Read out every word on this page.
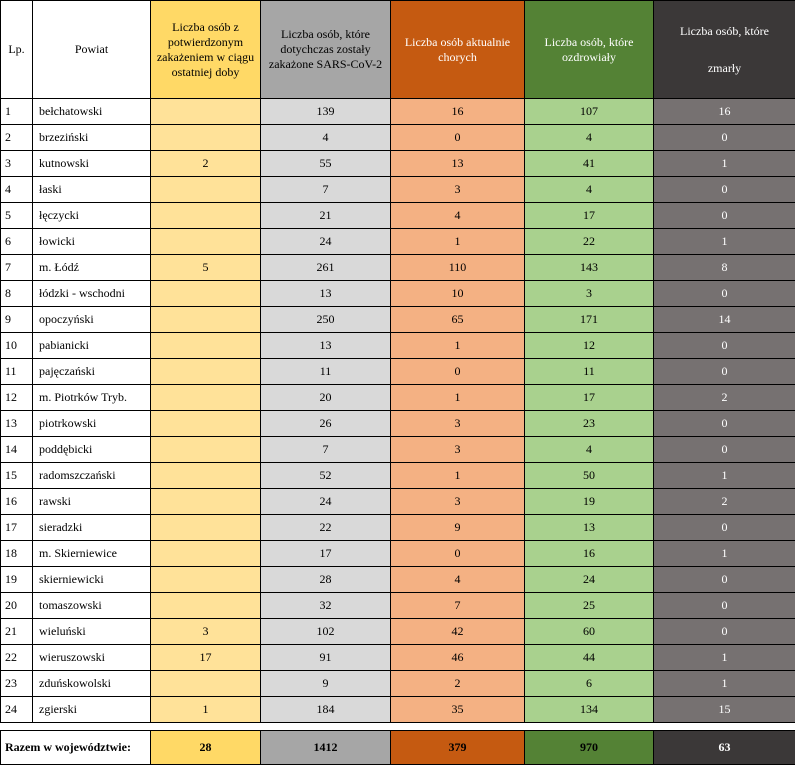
Lp.	Powiat	Liczba osób z potwierdzonym zakażeniem w ciągu ostatniej doby	Liczba osób, które dotychczas zostały zakażone SARS-CoV-2	Liczba osób aktualnie chorych	Liczba osób, które ozdrowiały	Liczba osób, które
zmarły
1	bełchatowski		139	16	107	16
2	brzeziński		4	0	4	0
3	kutnowski	2	55	13	41	1
4	łaski		7	3	4	0
5	łęczycki		21	4	17	0
6	łowicki		24	1	22	1
7	m. Łódź	5	261	110	143	8
8	łódzki - wschodni		13	10	3	0
9	opoczyński		250	65	171	14
10	pabianicki		13	1	12	0
11	pajęczański		11	0	11	0
12	m. Piotrków Tryb.		20	1	17	2
13	piotrkowski		26	3	23	0
14	poddębicki		7	3	4	0
15	radomszczański		52	1	50	1
16	rawski		24	3	19	2
17	sieradzki		22	9	13	0
18	m. Skierniewice		17	0	16	1
19	skierniewicki		28	4	24	0
20	tomaszowski		32	7	25	0
21	wieluński	3	102	42	60	0
22	wieruszowski	17	91	46	44	1
23	zduńskowolski		9	2	6	1
24	zgierski	1	184	35	134	15

Razem w województwie:		28	1412	379	970	63
